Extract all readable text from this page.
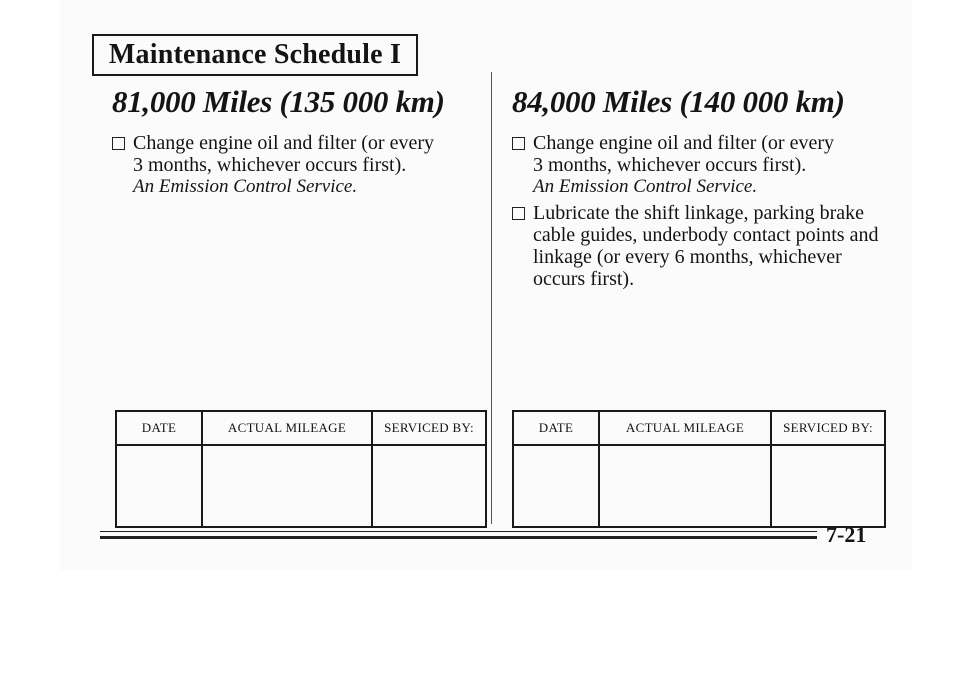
Maintenance Schedule I
81,000 Miles (135 000 km)
Change engine oil and filter (or every
3 months, whichever occurs first).
An Emission Control Service.
84,000 Miles (140 000 km)
Change engine oil and filter (or every
3 months, whichever occurs first).
An Emission Control Service.
Lubricate the shift linkage, parking brake
cable guides, underbody contact points and
linkage (or every 6 months, whichever
occurs first).
DATE	ACTUAL MILEAGE	SERVICED BY:
			DATE	ACTUAL MILEAGE	SERVICED BY:

7-21
